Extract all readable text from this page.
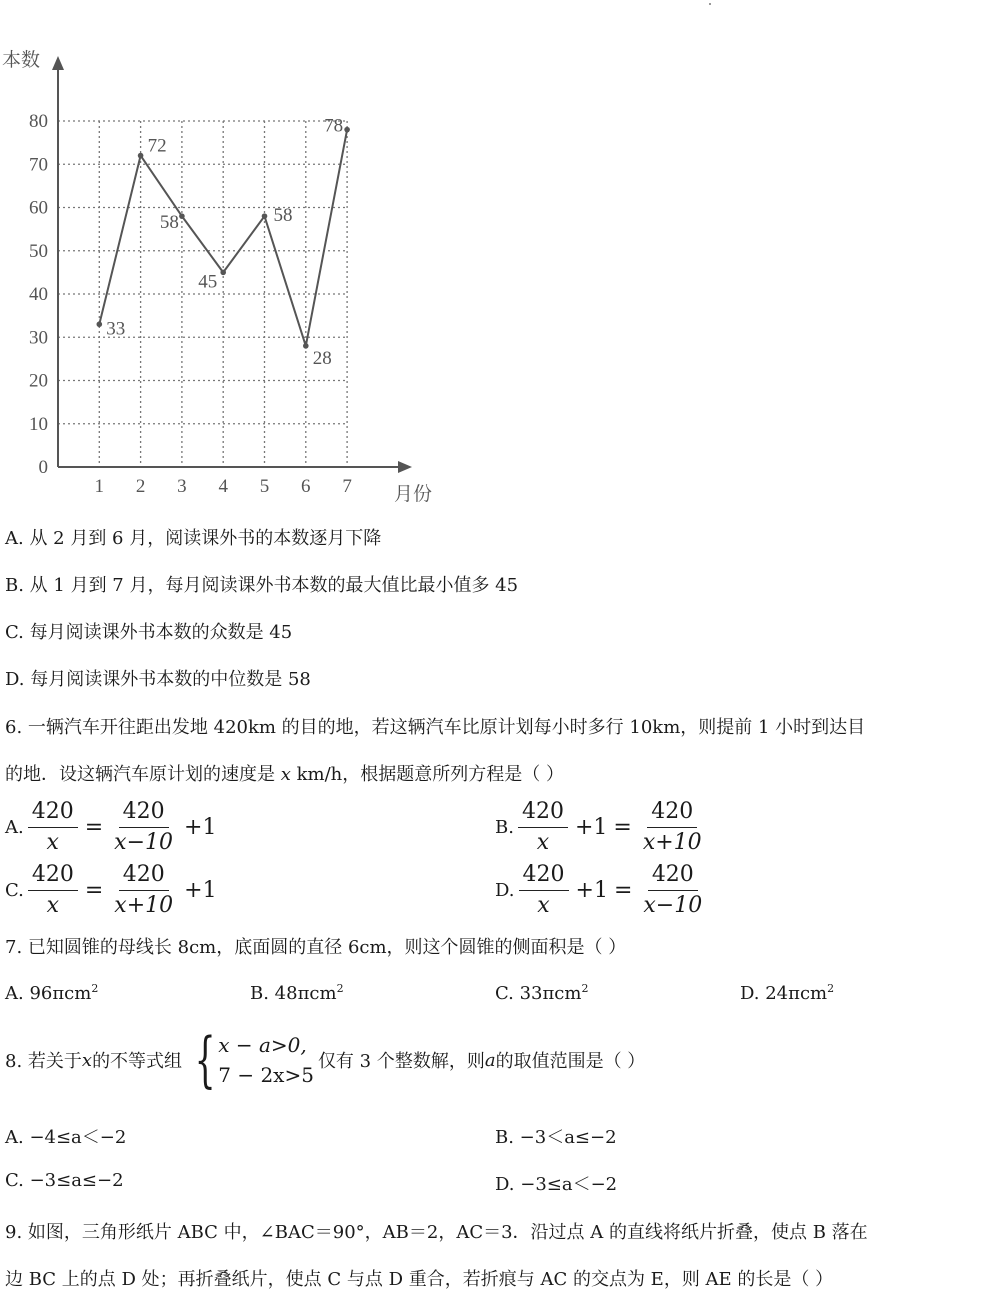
0
10
20
30
40
50
60
70
80
1 2 3 4 5 6 7
33
72
58
45
58
28
78
本数
月份
A. 从 2 月到 6 月，阅读课外书的本数逐月下降
B. 从 1 月到 7 月，每月阅读课外书本数的最大值比最小值多 45
C. 每月阅读课外书本数的众数是 45
D. 每月阅读课外书本数的中位数是 58
6. 一辆汽车开往距出发地 420km 的目的地，若这辆汽车比原计划每小时多行 10km，则提前 1 小时到达目
的地．设这辆汽车原计划的速度是 x km/h，根据题意所列方程是（ ）
A. $\frac{420}{x} = \frac{420}{x-10} +1$	B. $\frac{420}{x} +1 = \frac{420}{x+10}$
C. $\frac{420}{x} = \frac{420}{x+10} +1$	D. $\frac{420}{x} +1 = \frac{420}{x-10}$
7. 已知圆锥的母线长 8cm，底面圆的直径 6cm，则这个圆锥的侧面积是（ ）
A. 96πcm$^2$	B. 48πcm$^2$	C. 33πcm$^2$	D. 24πcm$^2$
8. 若关于 x 的不等式组 { x − a>0,
7 − 2x>5
仅有 3 个整数解，则 a 的取值范围是（ ）
A. −4≤a＜−2	B. −3＜a≤−2
C. −3≤a≤−2	D. −3≤a＜−2
9. 如图，三角形纸片 ABC 中，∠BAC＝90°，AB＝2，AC＝3．沿过点 A 的直线将纸片折叠，使点 B 落在
边 BC 上的点 D 处；再折叠纸片，使点 C 与点 D 重合，若折痕与 AC 的交点为 E，则 AE 的长是（ ）
